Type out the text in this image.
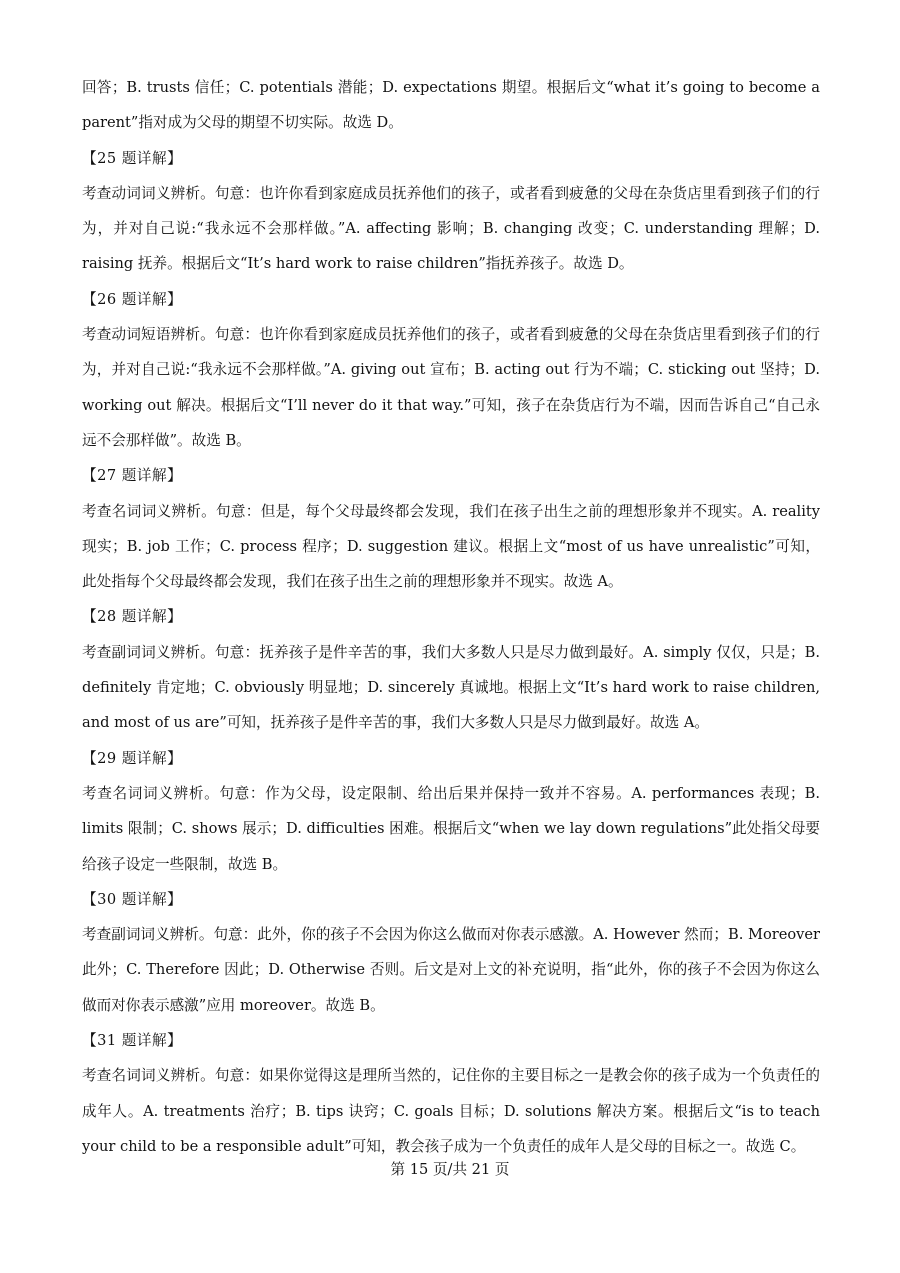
回答；B. trusts 信任；C. potentials 潜能；D. expectations 期望。根据后文“what it’s going to become a parent”指对成为父母的期望不切实际。故选 D。

【25 题详解】

考查动词词义辨析。句意：也许你看到家庭成员抚养他们的孩子，或者看到疲惫的父母在杂货店里看到孩子们的行为，并对自己说:“我永远不会那样做。”A. affecting 影响；B. changing 改变；C. understanding 理解；D. raising 抚养。根据后文“It’s hard work to raise children”指抚养孩子。故选 D。

【26 题详解】

考查动词短语辨析。句意：也许你看到家庭成员抚养他们的孩子，或者看到疲惫的父母在杂货店里看到孩子们的行为，并对自己说:“我永远不会那样做。”A. giving out 宣布；B. acting out 行为不端；C. sticking out 坚持；D. working out 解决。根据后文“I’ll never do it that way.”可知，孩子在杂货店行为不端，因而告诉自己“自己永远不会那样做”。故选 B。

【27 题详解】

考查名词词义辨析。句意：但是，每个父母最终都会发现，我们在孩子出生之前的理想形象并不现实。A. reality 现实；B. job 工作；C. process 程序；D. suggestion 建议。根据上文“most of us have unrealistic”可知，此处指每个父母最终都会发现，我们在孩子出生之前的理想形象并不现实。故选 A。

【28 题详解】

考查副词词义辨析。句意：抚养孩子是件辛苦的事，我们大多数人只是尽力做到最好。A. simply 仅仅，只是；B. definitely 肯定地；C. obviously 明显地；D. sincerely 真诚地。根据上文“It’s hard work to raise children, and most of us are”可知，抚养孩子是件辛苦的事，我们大多数人只是尽力做到最好。故选 A。

【29 题详解】

考查名词词义辨析。句意：作为父母，设定限制、给出后果并保持一致并不容易。A. performances 表现；B. limits 限制；C. shows 展示；D. difficulties 困难。根据后文“when we lay down regulations”此处指父母要给孩子设定一些限制，故选 B。

【30 题详解】

考查副词词义辨析。句意：此外，你的孩子不会因为你这么做而对你表示感激。A. However 然而；B. Moreover 此外；C. Therefore 因此；D. Otherwise 否则。后文是对上文的补充说明，指“此外，你的孩子不会因为你这么做而对你表示感激”应用 moreover。故选 B。

【31 题详解】

考查名词词义辨析。句意：如果你觉得这是理所当然的，记住你的主要目标之一是教会你的孩子成为一个负责任的成年人。A. treatments 治疗；B. tips 诀窍；C. goals 目标；D. solutions 解决方案。根据后文“is to teach your child to be a responsible adult”可知，教会孩子成为一个负责任的成年人是父母的目标之一。故选 C。

第 15 页/共 21 页
